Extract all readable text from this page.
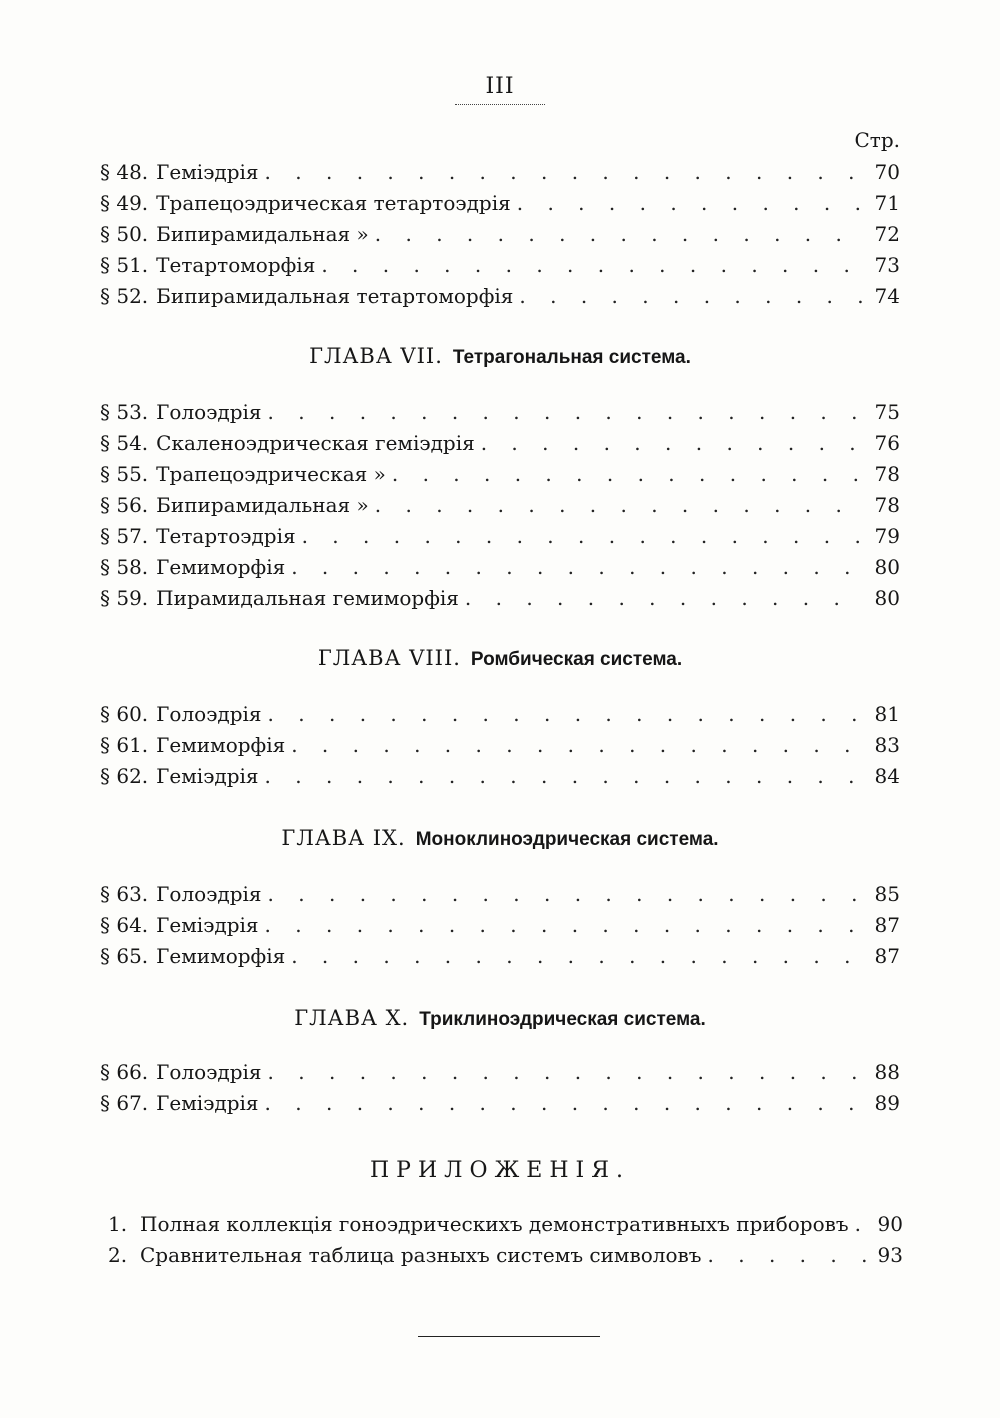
III
Стр.
§ 48. Гемiэдрiя . . .	70
§ 49. Трапецоэдрическая тетартоэдрiя . . .	71
§ 50. Бипирамидальная » . . .	72
§ 51. Тетартоморфiя . . .	73
§ 52. Бипирамидальная тетартоморфiя . . .	74
ГЛАВА VII. Тетрагональная система.
§ 53. Голоэдрiя . . .	75
§ 54. Скаленоэдрическая гемiэдрiя . . .	76
§ 55. Трапецоэдрическая » . . .	78
§ 56. Бипирамидальная » . . .	78
§ 57. Тетартоэдрiя . . .	79
§ 58. Гемиморфiя . . .	80
§ 59. Пирамидальная гемиморфiя . . .	80
ГЛАВА VIII. Ромбическая система.
§ 60. Голоэдрiя . . .	81
§ 61. Гемиморфiя . . .	83
§ 62. Гемiэдрiя . . .	84
ГЛАВА IX. Моноклиноэдрическая система.
§ 63. Голоэдрiя . . .	85
§ 64. Гемiэдрiя . . .	87
§ 65. Гемиморфiя . . .	87
ГЛАВА X. Триклиноэдрическая система.
§ 66. Голоэдрiя . . .	88
§ 67. Гемiэдрiя . . .	89
ПРИЛОЖЕНIЯ.
1. Полная коллекцiя гоноэдрическихъ демонстративныхъ приборовъ . . . 90
2. Сравнительная таблица разныхъ системъ символовъ . . .	93
